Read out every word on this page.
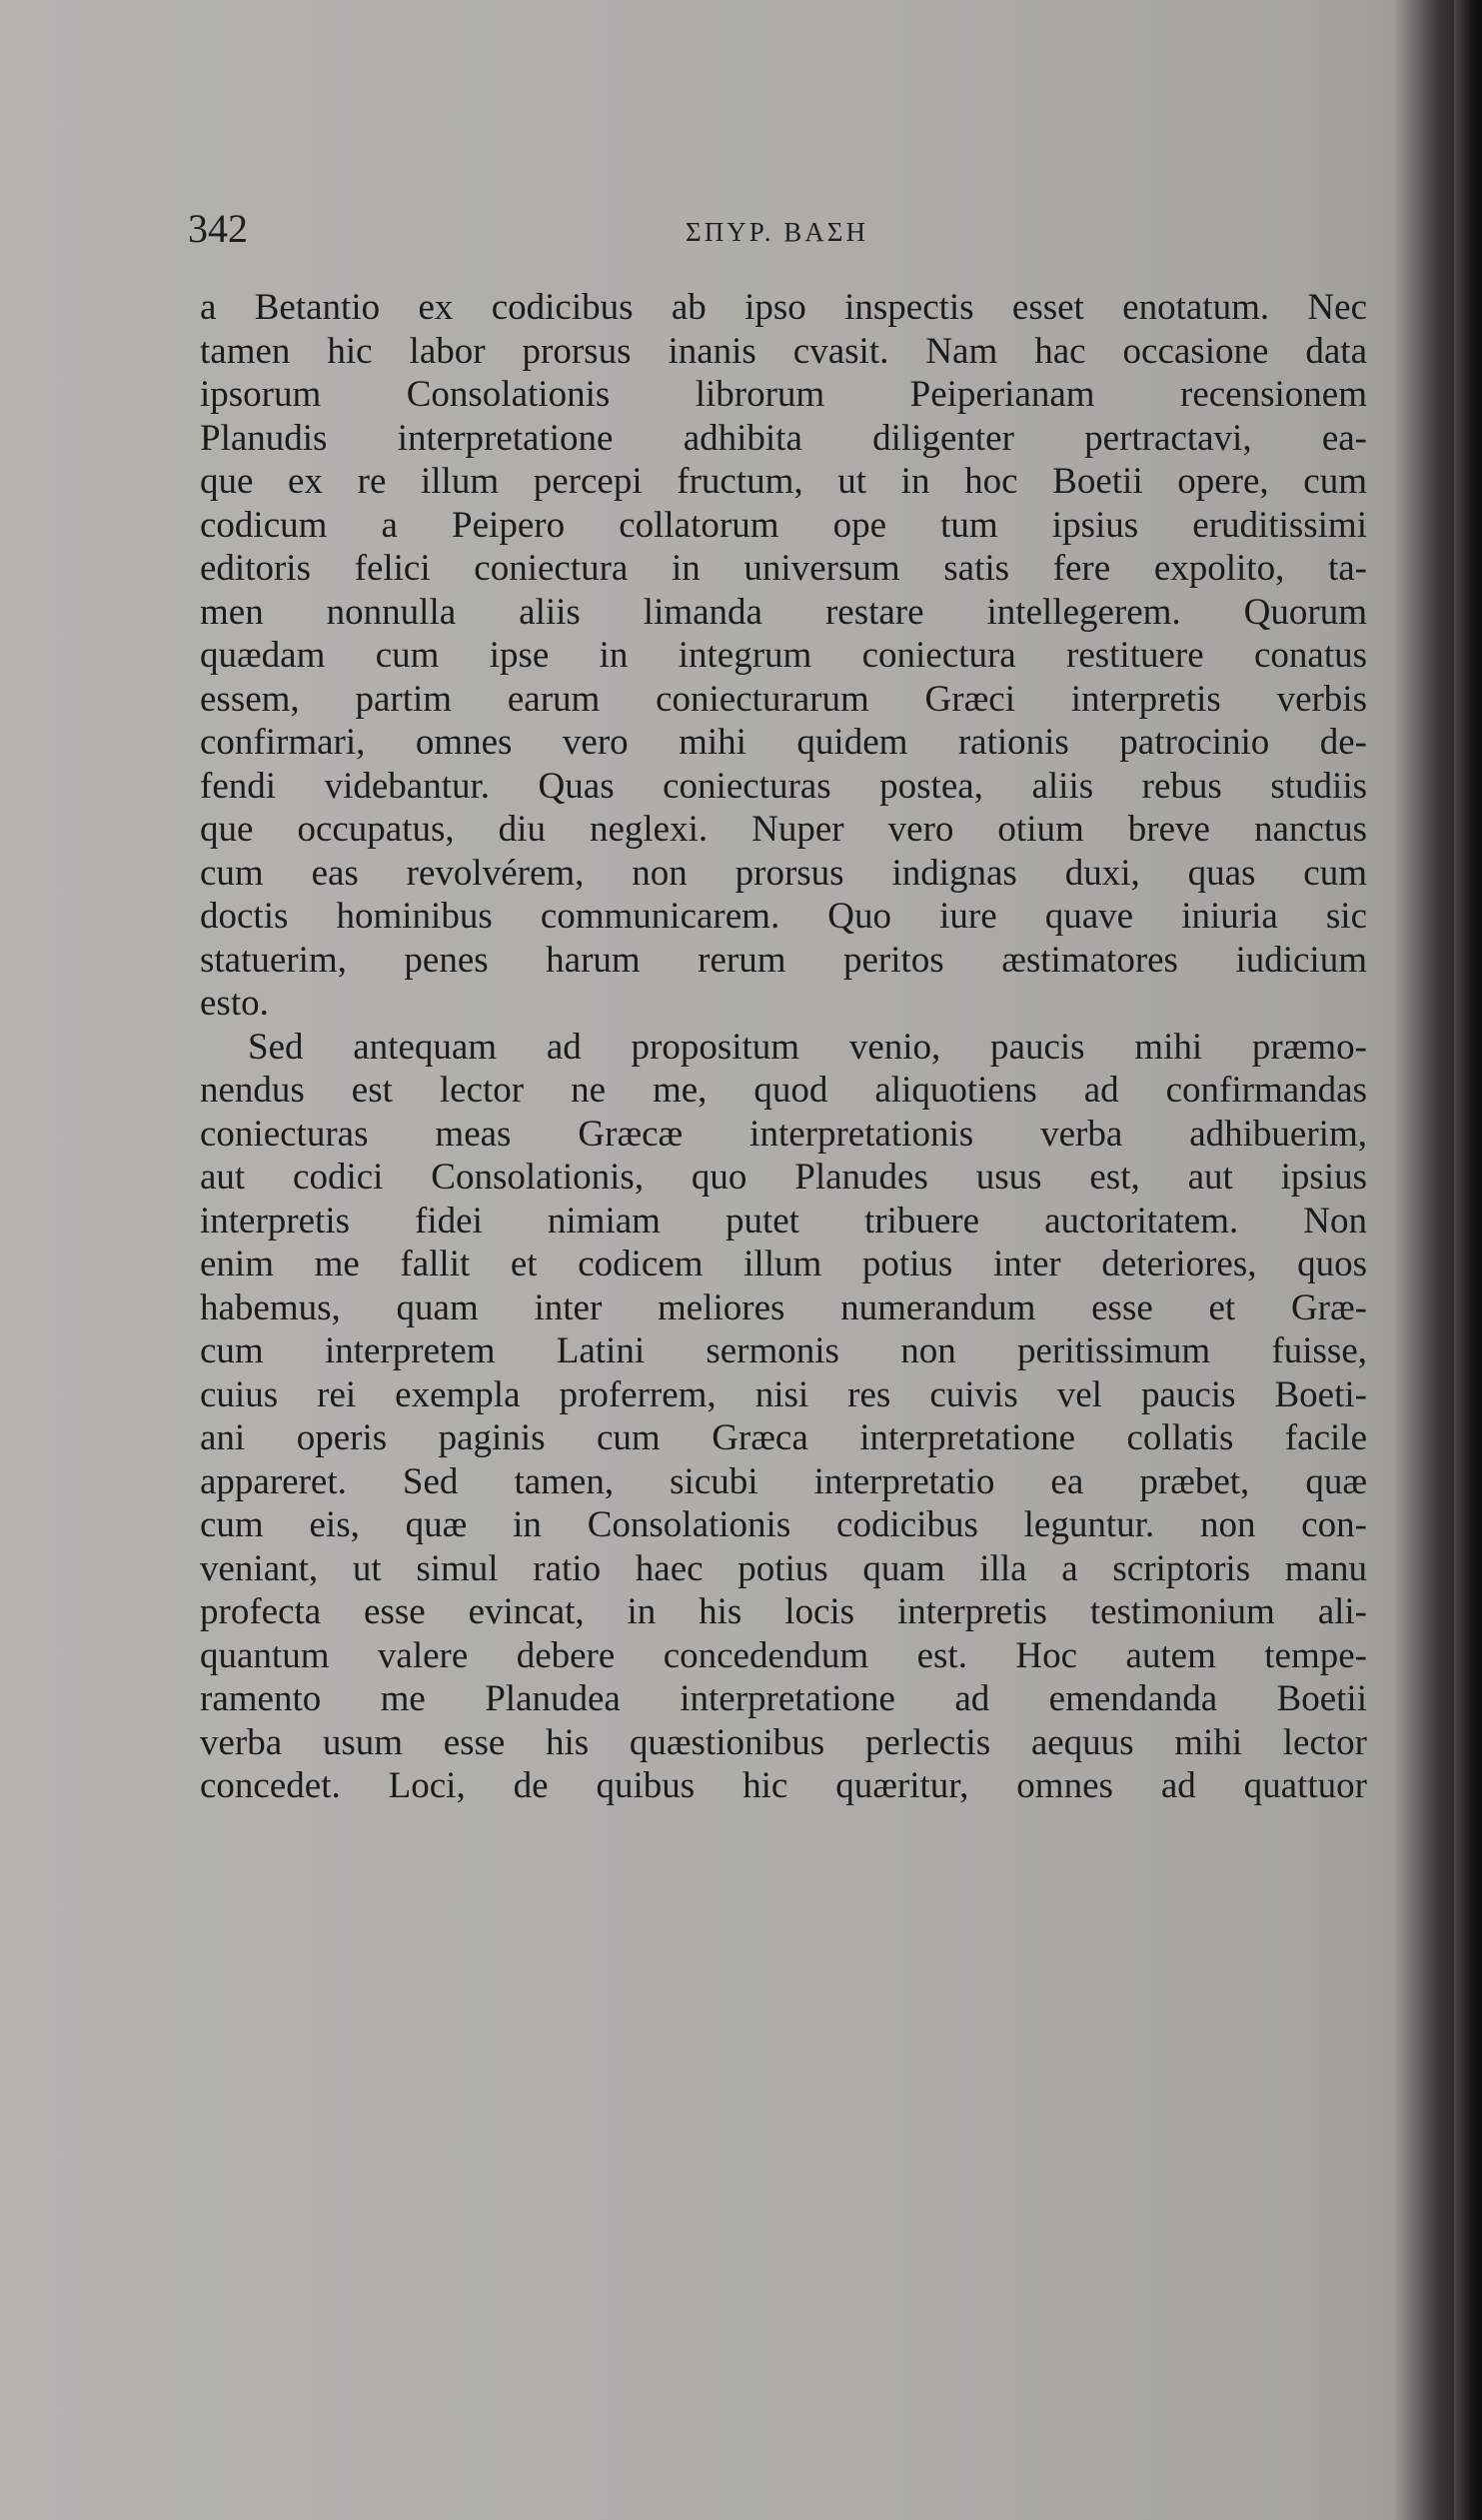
342	ΣΠΥΡ. ΒΑΣΗ
a Betantio ex codicibus ab ipso inspectis esset enotatum. Nec
tamen hic labor prorsus inanis cvasit. Nam hac occasione data
ipsorum Consolationis librorum Peiperianam recensionem
Planudis interpretatione adhibita diligenter pertractavi, ea-
que ex re illum percepi fructum, ut in hoc Boetii opere, cum
codicum a Peipero collatorum ope tum ipsius eruditissimi
editoris felici coniectura in universum satis fere expolito, ta-
men nonnulla aliis limanda restare intellegerem. Quorum
quædam cum ipse in integrum coniectura restituere conatus
essem, partim earum coniecturarum Græci interpretis verbis
confirmari, omnes vero mihi quidem rationis patrocinio de-
fendi videbantur. Quas coniecturas postea, aliis rebus studiis
que occupatus, diu neglexi. Nuper vero otium breve nanctus
cum eas revolvérem, non prorsus indignas duxi, quas cum
doctis hominibus communicarem. Quo iure quave iniuria sic
statuerim, penes harum rerum peritos æstimatores iudicium
esto.
Sed antequam ad propositum venio, paucis mihi præmo-
nendus est lector ne me, quod aliquotiens ad confirmandas
coniecturas meas Græcæ interpretationis verba adhibuerim,
aut codici Consolationis, quo Planudes usus est, aut ipsius
interpretis fidei nimiam putet tribuere auctoritatem. Non
enim me fallit et codicem illum potius inter deteriores, quos
habemus, quam inter meliores numerandum esse et Græ-
cum interpretem Latini sermonis non peritissimum fuisse,
cuius rei exempla proferrem, nisi res cuivis vel paucis Boeti-
ani operis paginis cum Græca interpretatione collatis facile
appareret. Sed tamen, sicubi interpretatio ea præbet, quæ
cum eis, quæ in Consolationis codicibus leguntur. non con-
veniant, ut simul ratio haec potius quam illa a scriptoris manu
profecta esse evincat, in his locis interpretis testimonium ali-
quantum valere debere concedendum est. Hoc autem tempe-
ramento me Planudea interpretatione ad emendanda Boetii
verba usum esse his quæstionibus perlectis aequus mihi lector
concedet. Loci, de quibus hic quæritur, omnes ad quattuor
